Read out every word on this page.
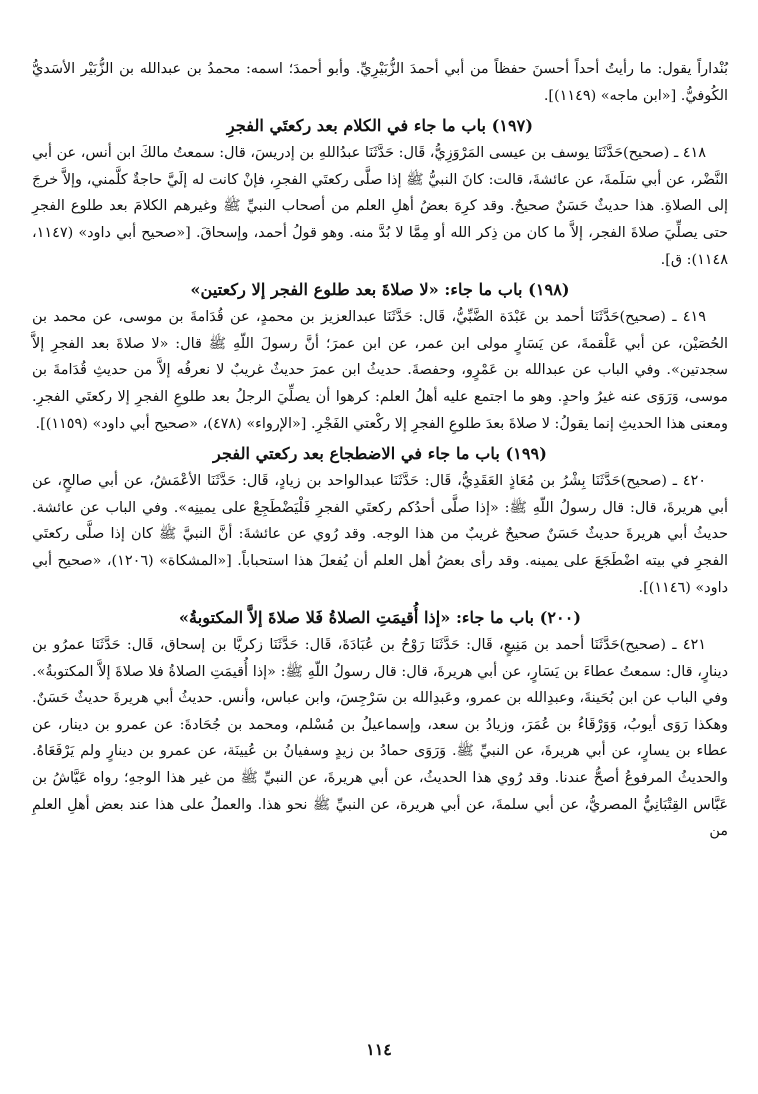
بُنْداراً يقول: ما رأيتُ أحداً أحسنَ حفظاً من أبي أحمدَ الزُّبَيْرِيِّ. وأبو أحمدَ؛ اسمه: محمدُ بن عبدالله بن الزُّبَيْر الأسَديُّ الكُوفيُّ. [«ابن ماجه» (١١٤٩)].

(١٩٧) باب ما جاء في الكلام بعد ركعتَي الفجرِ

٤١٨ ـ (صحيح)حَدَّثَنَا يوسف بن عيسى المَرْوَزِيُّ، قَال: حَدَّثَنَا عبدُاللهِ بن إدريسَ، قال: سمعتُ مالكَ ابن أنس، عن أبي النَّضْر، عن أبي سَلَمةَ، عن عائشةَ، قالت: كانَ النبيُّ ﷺ إذا صلَّى ركعتَي الفجرِ، فإنْ كانت له إلَيَّ حاجةٌ كلَّمني، وإلاَّ خرجَ إلى الصلاةِ. هذا حديثٌ حَسَنٌ صحيحٌ. وقد كرِهَ بعضُ أهلِ العلم من أصحاب النبيِّ ﷺ وغيرهم الكلامَ بعد طلوع الفجرِ حتى يصلِّيَ صلاةَ الفجر، إلاَّ ما كان من ذِكر الله أو مِمَّا لا بُدَّ منه. وهو قولُ أحمد، وإسحاقَ. [«صحيح أبي داود» (١١٤٧، ١١٤٨): ق].

(١٩٨) باب ما جاء: «لا صلاةَ بعد طلوع الفجر إلا ركعتين»

٤١٩ ـ (صحيح)حَدَّثَنَا أحمد بن عَبْدَة الضَّبِّيُّ، قَال: حَدَّثَنَا عبدالعزيز بن محمدٍ، عن قُدَامةَ بن موسى، عن محمد بن الحُصَيْن، عن أبي عَلْقمةَ، عن يَسَارٍ مولى ابن عمر، عن ابن عمرَ؛ أنَّ رسولَ اللّهِ ﷺ قال: «لا صلاةَ بعد الفجرِ إلاَّ سجدتين». وفي الباب عن عبدالله بن عَمْرٍو، وحفصةَ. حديثُ ابن عمرَ حديثٌ غريبٌ لا نعرفُه إلاَّ من حديثِ قُدَامةَ بن موسى، وَرَوَى عنه غيرُ واحدٍ. وهو ما اجتمع عليه أهلُ العلم: كرهوا أن يصلِّيَ الرجلُ بعد طلوعِ الفجرِ إلا ركعتَي الفجرِ. ومعنى هذا الحديثِ إنما يقولُ: لا صلاةَ بعدَ طلوعِ الفجرِ إلا ركْعتي الفَجْرِ. [«الإرواء» (٤٧٨)، «صحيح أبي داود» (١١٥٩)].

(١٩٩) باب ما جاء في الاضطجاع بعد ركعتي الفجر

٤٢٠ ـ (صحيح)حَدَّثَنَا بِشْرُ بن مُعَاذٍ العَقَدِيُّ، قَال: حَدَّثَنَا عبدالواحد بن زيادٍ، قَال: حَدَّثَنَا الأعْمَشُ، عن أبي صالحٍ، عن أبي هريرةَ، قال: قال رسولُ اللّهِ ﷺ: «إذا صلَّى أحدُكم ركعتَي الفجرِ فَلْيَضْطَجِعْ على يمينِه». وفي الباب عن عائشة. حديثُ أبي هريرةَ حديثٌ حَسَنٌ صحيحٌ غريبٌ من هذا الوجه. وقد رُوي عن عائشةَ: أنَّ النبيَّ ﷺ كان إذا صلَّى ركعتَي الفجرِ في بيته اضْطَجَعَ على يمينه. وقد رأى بعضُ أهل العلم أن يُفعلَ هذا استحباباً. [«المشكاة» (١٢٠٦)، «صحيح أبي داود» (١١٤٦)].

(٢٠٠) باب ما جاء: «إذا أُقيمَتِ الصلاةُ فَلا صلاةَ إلاَّ المكتوبةُ»

٤٢١ ـ (صحيح)حَدَّثَنَا أحمد بن مَنِيعٍ، قَال: حَدَّثَنَا رَوْحُ بن عُبَادَةَ، قَال: حَدَّثَنَا زكريَّا بن إسحاق، قَال: حَدَّثَنَا عمرُو بن دينارٍ، قال: سمعتُ عطاءَ بن يَسَارٍ، عن أبي هريرةَ، قال: قال رسولُ اللّهِ ﷺ: «إذا أُقيمَتِ الصلاةُ فلا صلاةَ إلاَّ المكتوبةُ». وفي الباب عن ابن بُحَينةَ، وعبدِالله بن عمرو، وعَبدِالله بن سَرْجِسَ، وابن عباس، وأنس. حديثُ أبي هريرةَ حديثٌ حَسَنٌ. وهكذا رَوَى أيوبُ، وَوَرْقَاءُ بن عُمَرَ، وزيادُ بن سعد، وإسماعيلُ بن مُسْلم، ومحمد بن جُحَادةَ: عن عمرو بن دينار، عن عطاء بن يسارٍ، عن أبي هريرةَ، عن النبيِّ ﷺ. وَرَوَى حمادُ بن زيدٍ وسفيانُ بن عُيينَة، عن عمرو بن دينارٍ ولم يَرْفَعَاهُ. والحديثُ المرفوعُ أصحُّ عندنا. وقد رُوي هذا الحديثُ، عن أبي هريرةَ، عن النبيِّ ﷺ من غير هذا الوجهِ؛ رواه عَيَّاشُ بن عَبَّاس القِتْبَانِيُّ المصريُّ، عن أبي سلمةَ، عن أبي هريرة، عن النبيِّ ﷺ نحو هذا. والعملُ على هذا عند بعض أهلِ العلمِ من

١١٤
